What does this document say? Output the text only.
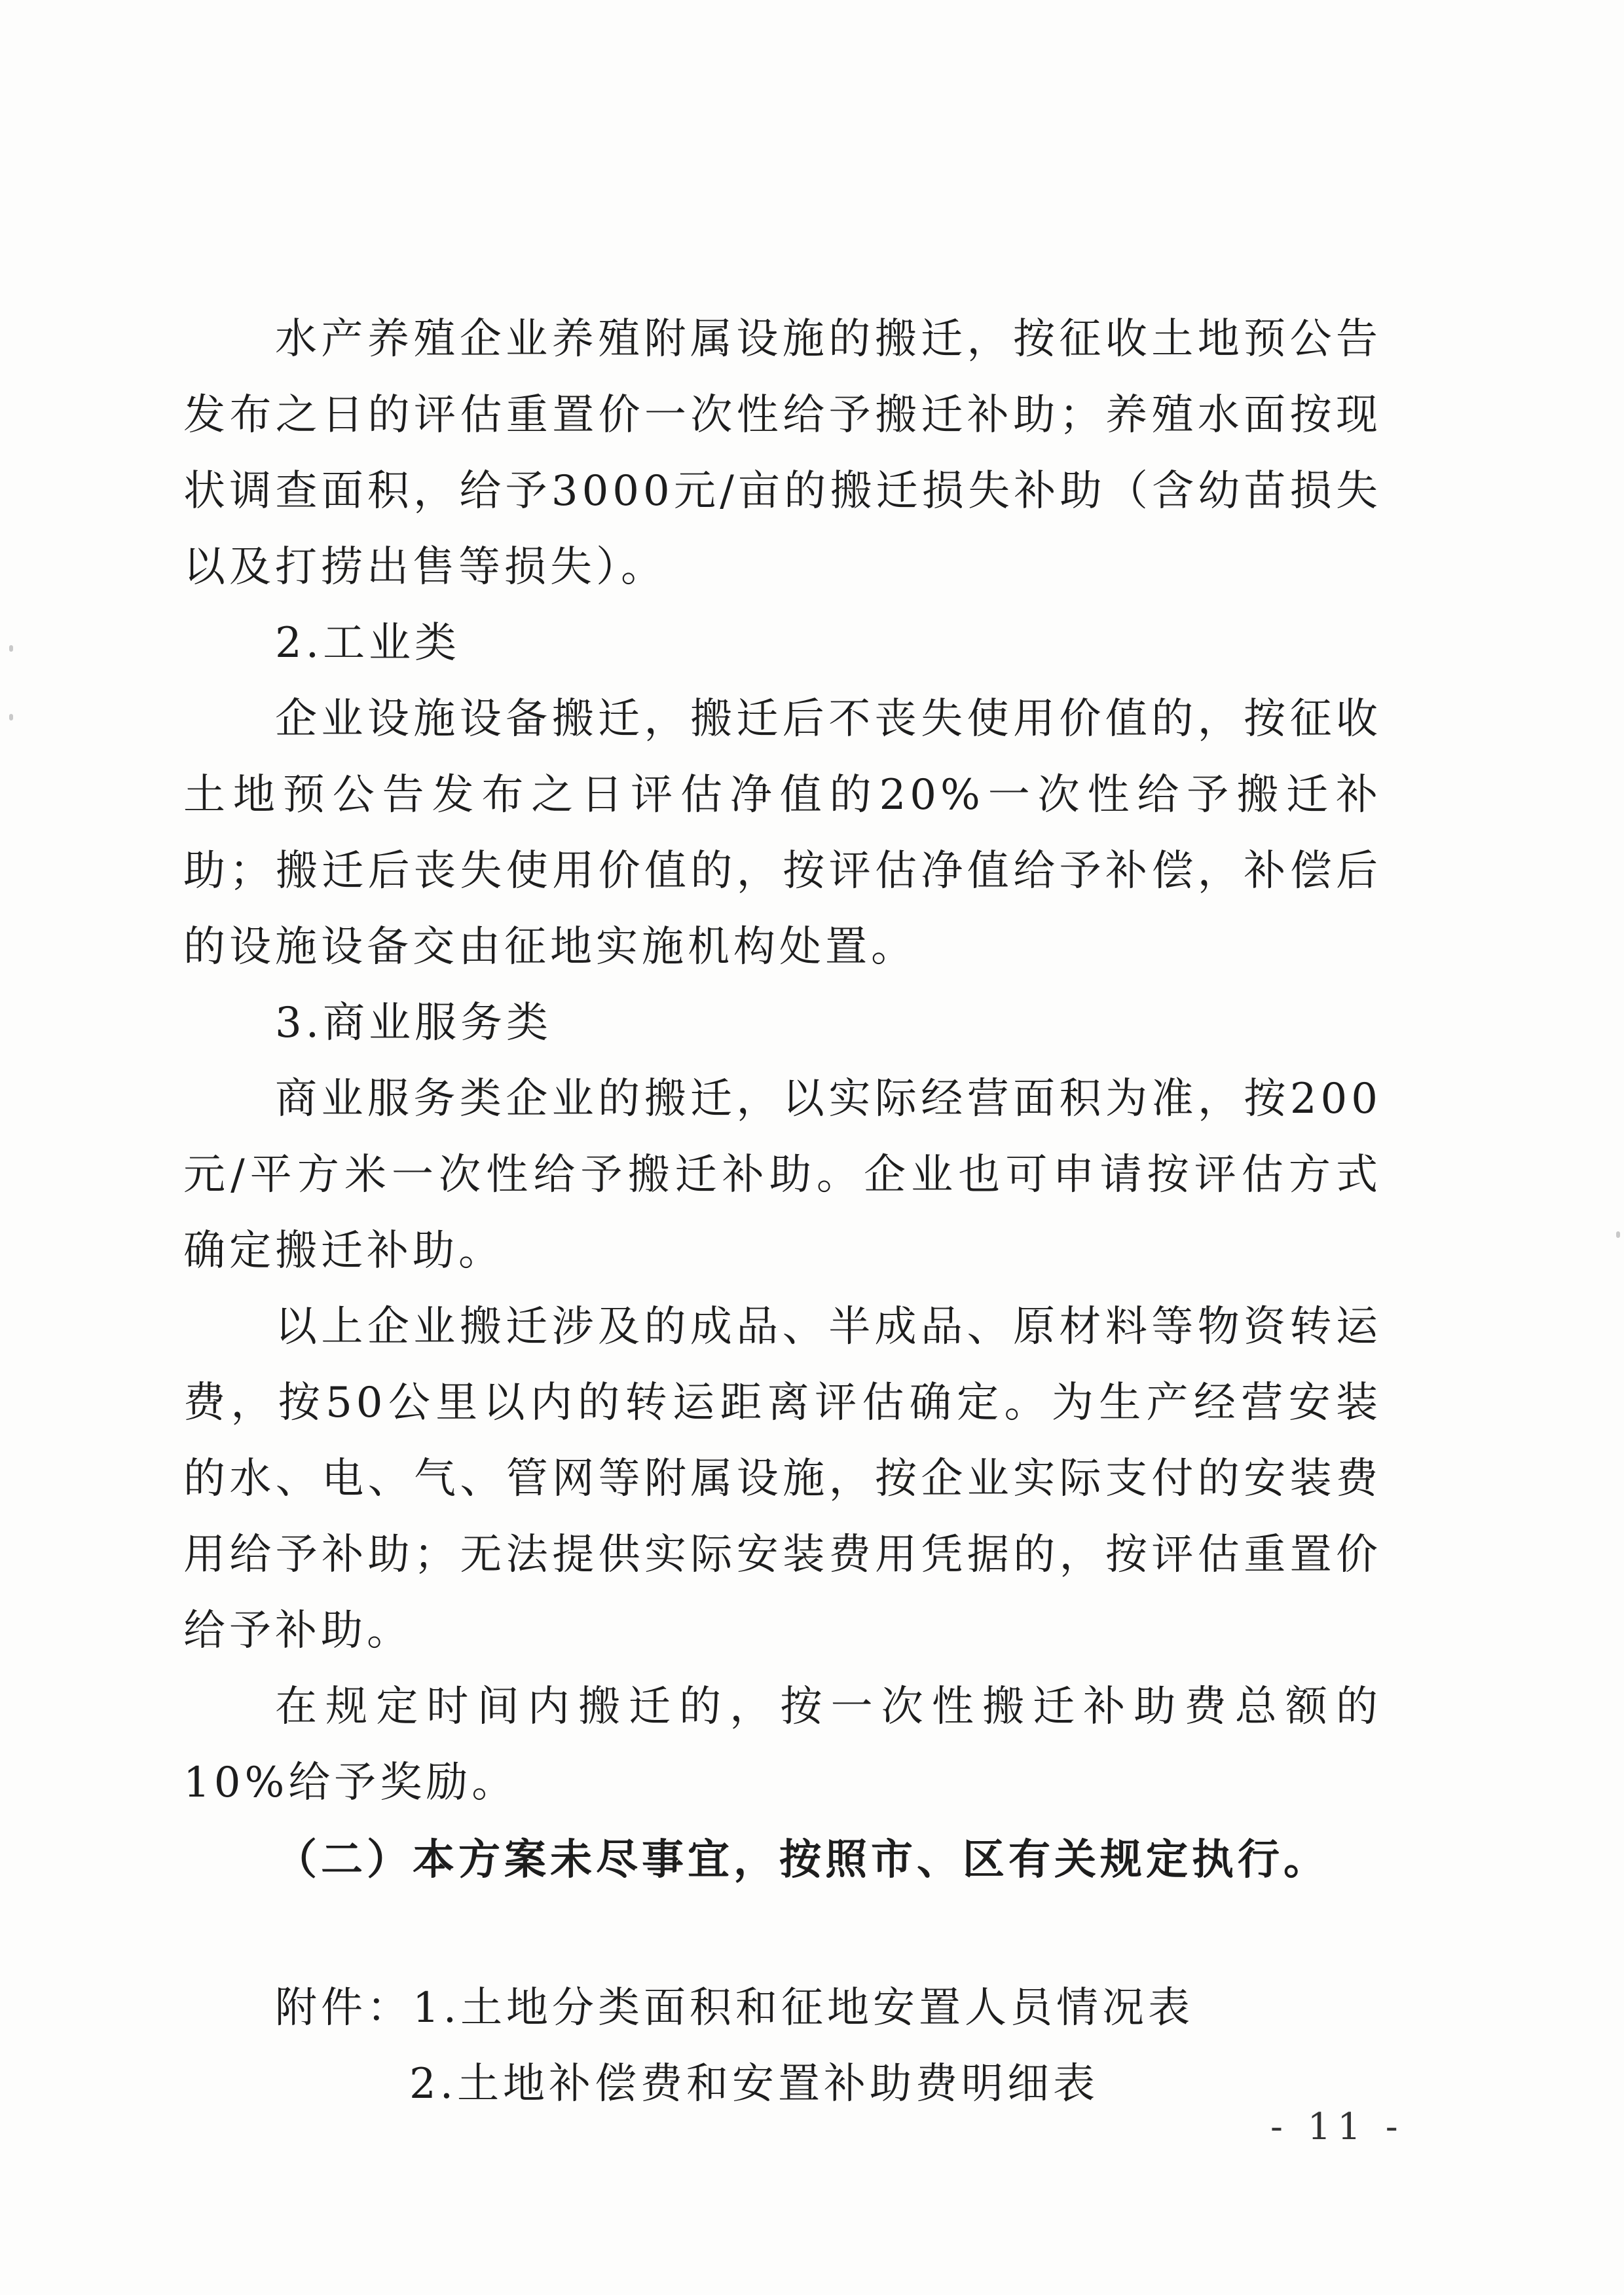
水产养殖企业养殖附属设施的搬迁，按征收土地预公告发布之日的评估重置价一次性给予搬迁补助；养殖水面按现状调查面积，给予3000元/亩的搬迁损失补助（含幼苗损失以及打捞出售等损失）。

2.工业类

企业设施设备搬迁，搬迁后不丧失使用价值的，按征收土地预公告发布之日评估净值的20%一次性给予搬迁补助；搬迁后丧失使用价值的，按评估净值给予补偿，补偿后的设施设备交由征地实施机构处置。

3.商业服务类

商业服务类企业的搬迁，以实际经营面积为准，按200元/平方米一次性给予搬迁补助。企业也可申请按评估方式确定搬迁补助。

以上企业搬迁涉及的成品、半成品、原材料等物资转运费，按50公里以内的转运距离评估确定。为生产经营安装的水、电、气、管网等附属设施，按企业实际支付的安装费用给予补助；无法提供实际安装费用凭据的，按评估重置价给予补助。

在规定时间内搬迁的，按一次性搬迁补助费总额的10%给予奖励。

（二）本方案未尽事宜，按照市、区有关规定执行。

附件：1.土地分类面积和征地安置人员情况表

2.土地补偿费和安置补助费明细表

- 11 -
